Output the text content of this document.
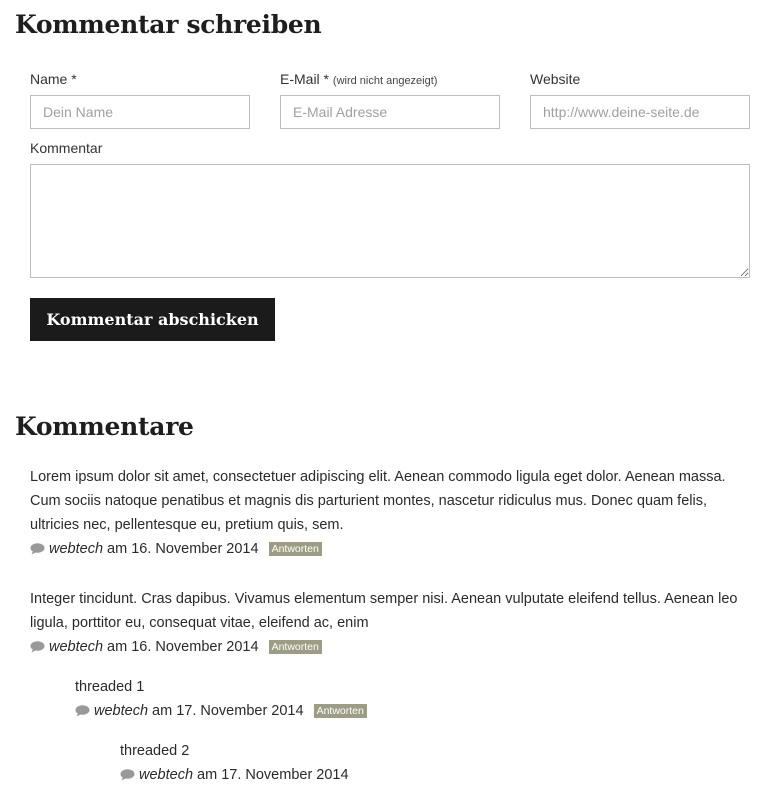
Kommentar schreiben
Name *
Dein Name	E-Mail * (wird nicht angezeigt)
E-Mail Adresse	Website
http://www.deine-seite.de
Kommentar
Kommentar abschicken
Kommentare

Lorem ipsum dolor sit amet, consectetuer adipiscing elit. Aenean commodo ligula eget dolor. Aenean massa. Cum sociis natoque penatibus et magnis dis parturient montes, nascetur ridiculus mus. Donec quam felis, ultricies nec, pellentesque eu, pretium quis, sem.

webtech am
16. November 2014 Antworten

Integer tincidunt. Cras dapibus. Vivamus elementum semper nisi. Aenean vulputate eleifend tellus. Aenean leo ligula, porttitor eu, consequat vitae, eleifend ac, enim

webtech am
16. November 2014 Antworten

threaded 1

webtech am
17. November 2014 Antworten

threaded 2

webtech am
17. November 2014
